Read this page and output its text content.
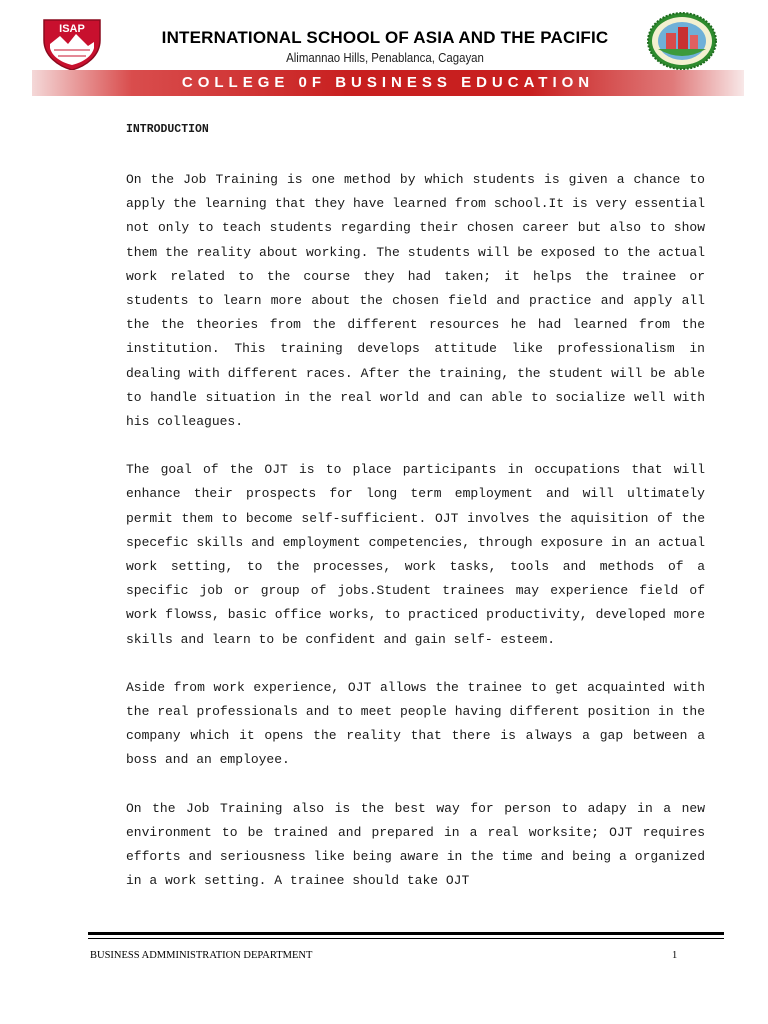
ISAP	INTERNATIONAL SCHOOL OF ASIA AND THE PACIFIC
Alimannao Hills, Penablanca, Cagayan
COLLEGE 0F BUSINESS EDUCATION
INTRODUCTION

On the Job Training is one method by which students is given a chance to apply the learning that they have learned from school.It is very essential not only to teach students regarding their chosen career but also to show them the reality about working. The students will be exposed to the actual work related to the course they had taken; it helps the trainee or students to learn more about the chosen field and practice and apply all the the theories from the different resources he had learned from the institution. This training develops attitude like professionalism in dealing with different races. After the training, the student will be able to handle situation in the real world and can able to socialize well with his colleagues.

The goal of the OJT is to place participants in occupations that will enhance their prospects for long term employment and will ultimately permit them to become self-sufficient. OJT involves the aquisition of the specefic skills and employment competencies, through exposure in an actual work setting, to the processes, work tasks, tools and methods of a specific job or group of jobs.Student trainees may experience field of work flowss, basic office works, to practiced productivity, developed more skills and learn to be confident and gain self- esteem.

Aside from work experience, OJT allows the trainee to get acquainted with the real professionals and to meet people having different position in the company which it opens the reality that there is always a gap between a boss and an employee.

On the Job Training also is the best way for person to adapy in a new environment to be trained and prepared in a real worksite; OJT requires efforts and seriousness like being aware in the time and being a organized in a work setting. A trainee should take OJT

BUSINESS ADMMINISTRATION DEPARTMENT	1
